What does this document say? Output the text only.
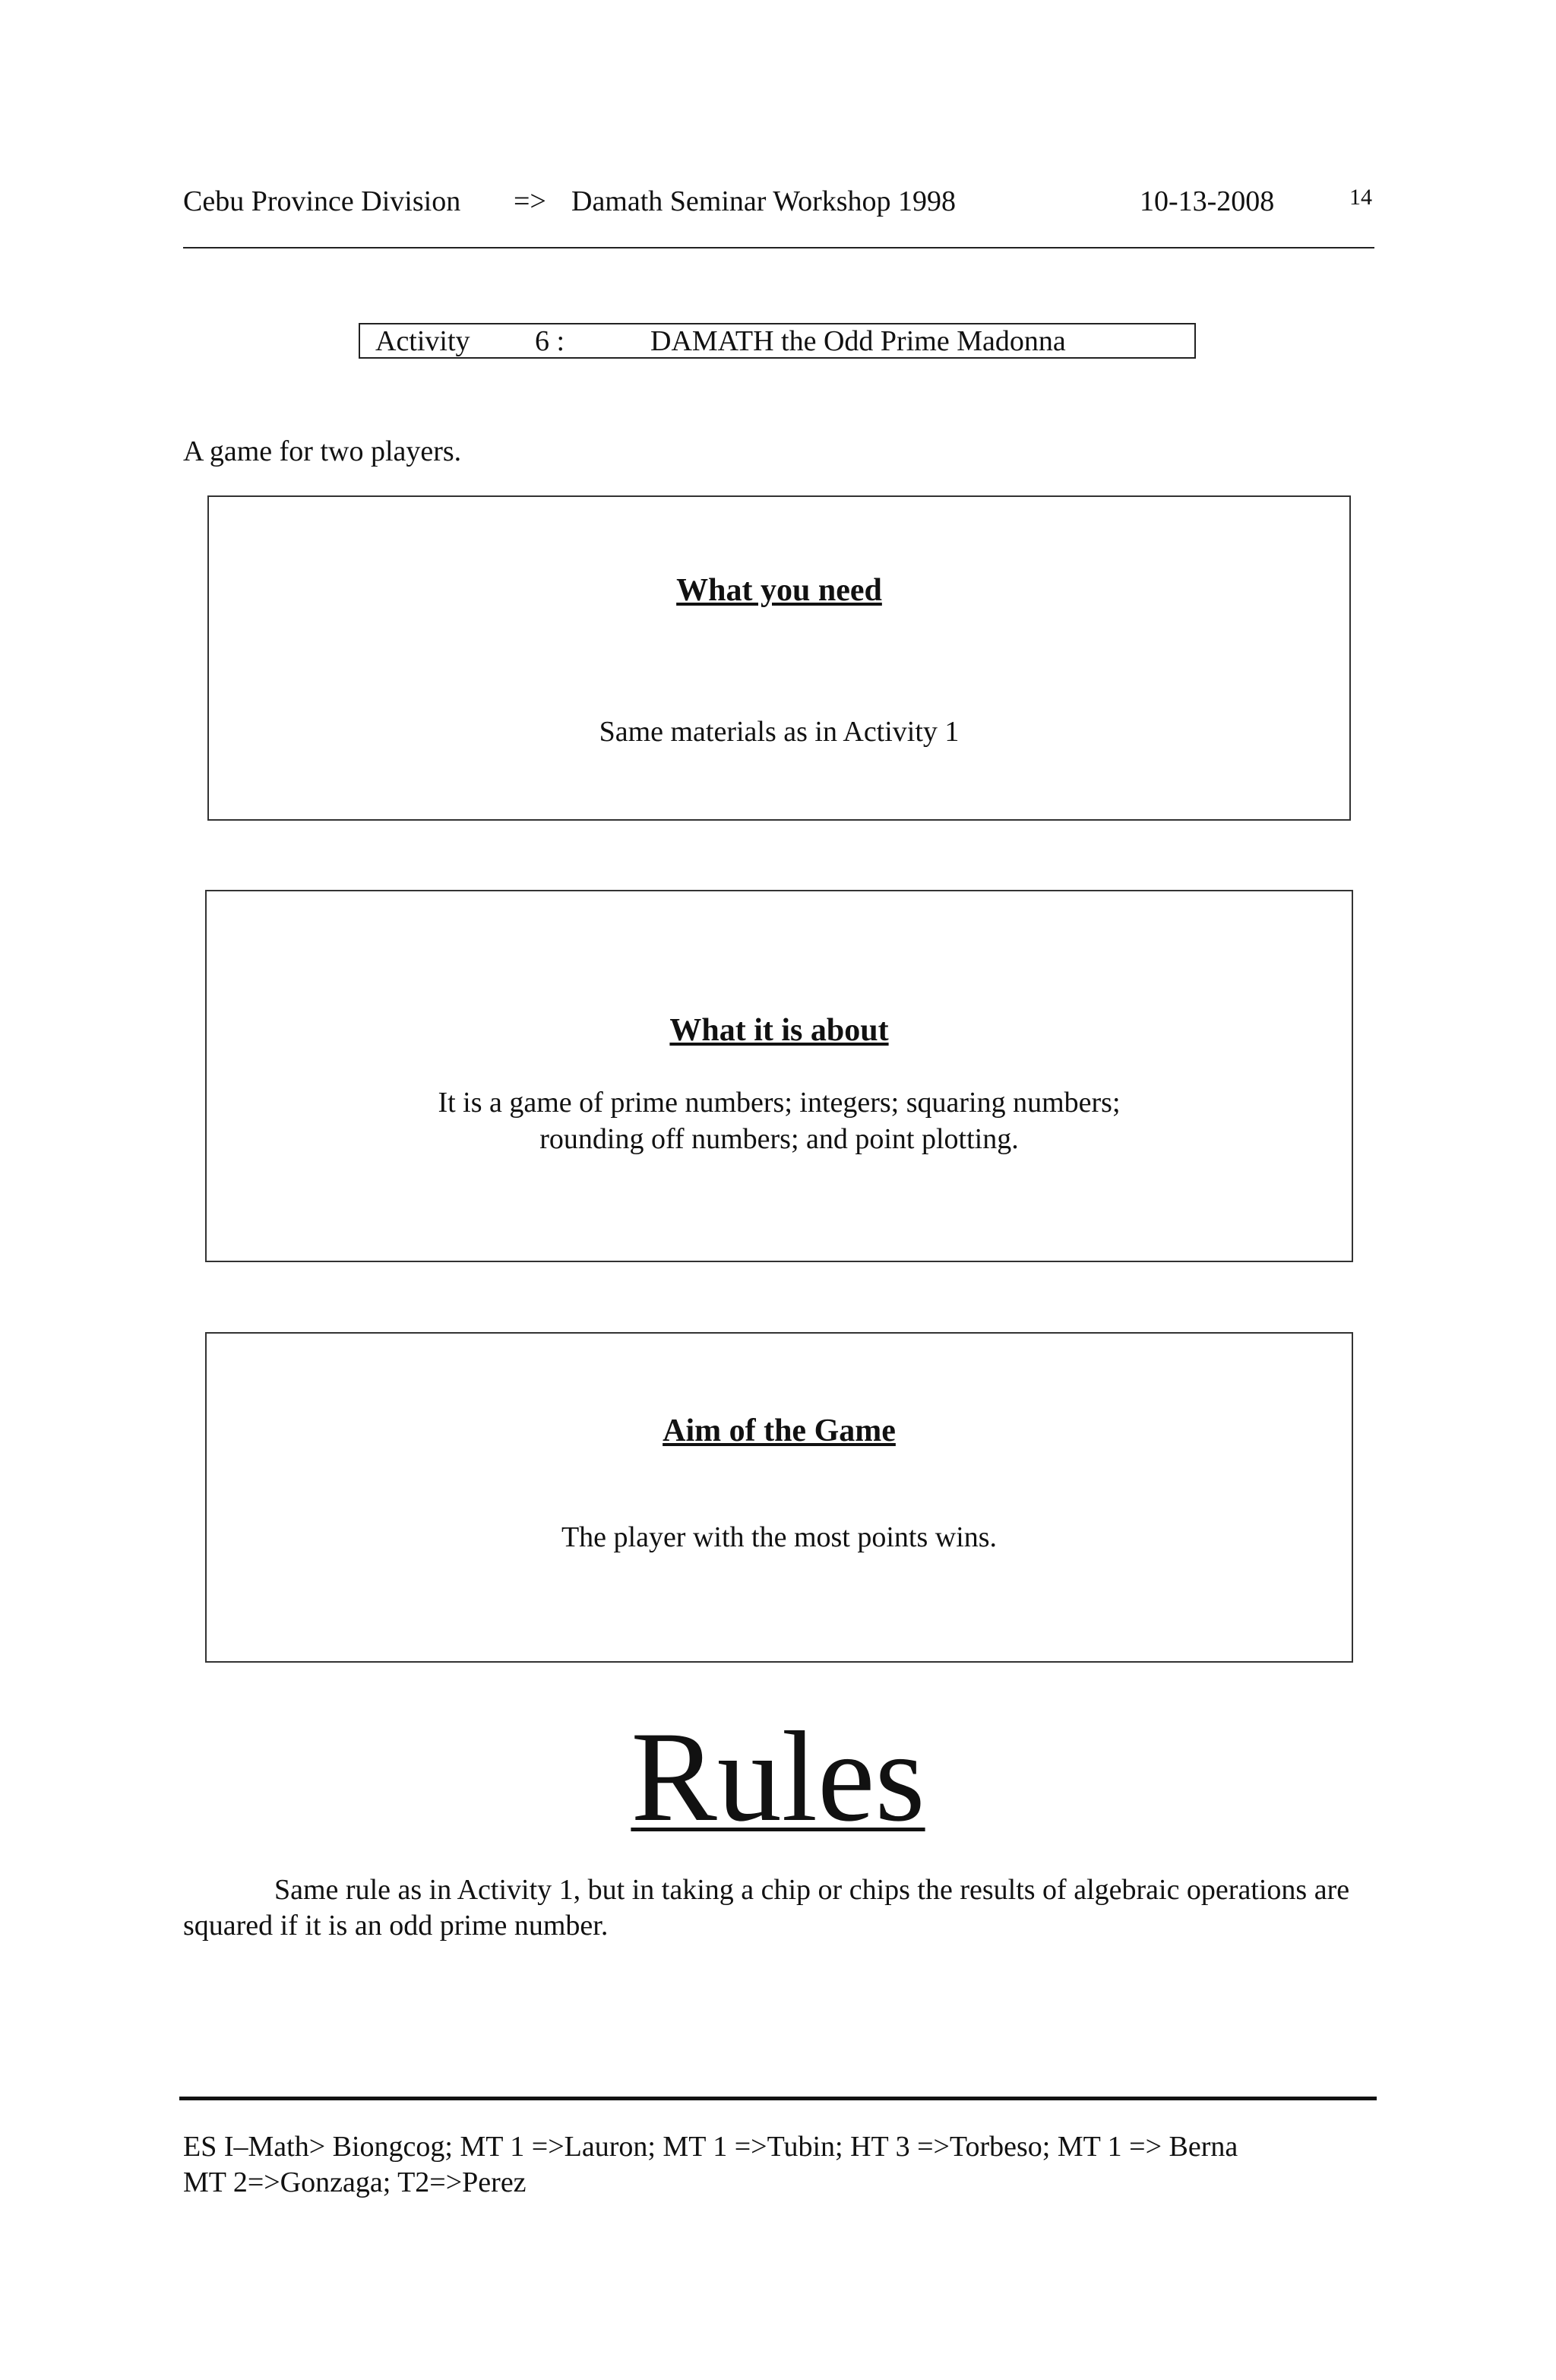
Cebu Province Division => Damath Seminar Workshop 1998	10-13-2008	14
Activity 6 :	DAMATH the Odd Prime Madonna
A game for two players.
What you need
Same materials as in Activity 1
What it is about
It is a game of prime numbers; integers; squaring numbers;
rounding off numbers; and point plotting.
Aim of the Game
The player with the most points wins.
Rules
Same rule as in Activity 1, but in taking a chip or chips the results of algebraic operations are squared if it is an odd prime number.
ES I–Math> Biongcog; MT 1 =>Lauron; MT 1 =>Tubin; HT 3 =>Torbeso; MT 1 => Berna
MT 2=>Gonzaga; T2=>Perez
